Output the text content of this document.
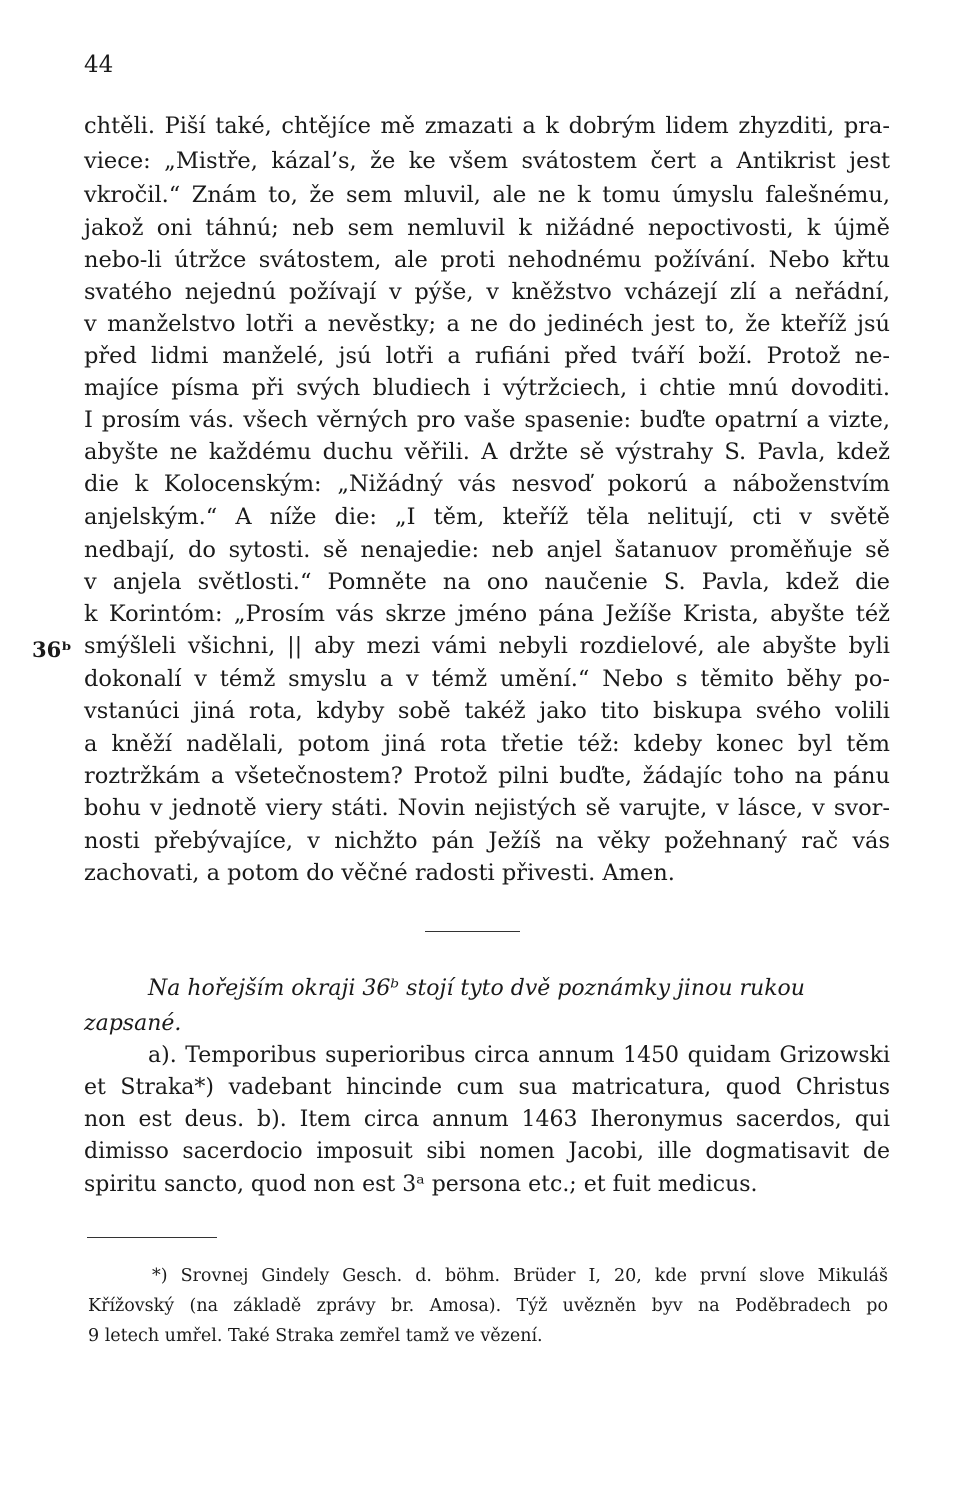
44
chtěli. Piší také, chtějíce mě zmazati a k dobrým lidem zhyzditi, pra-
viece: „Mistře, kázal’s, že ke všem svátostem čert a Antikrist jest
vkročil.“ Znám to, že sem mluvil, ale ne k tomu úmyslu falešnému,
jakož oni táhnú; neb sem nemluvil k nižádné nepoctivosti, k újmě
nebo-li útržce svátostem, ale proti nehodnému požívání. Nebo křtu
svatého nejednú požívají v pýše, v kněžstvo vcházejí zlí a neřádní,
v manželstvo lotři a nevěstky; a ne do jedinéch jest to, že kteříž jsú
před lidmi manželé, jsú lotři a rufiáni před tváří boží. Protož ne-
majíce písma při svých bludiech i výtržciech, i chtie mnú dovoditi.
I prosím vás. všech věrných pro vaše spasenie: buďte opatrní a vizte,
abyšte ne každému duchu věřili. A držte sě výstrahy S. Pavla, kdež
die k Kolocenským: „Nižádný vás nesvoď pokorú a náboženstvím
anjelským.“ A níže die: „I těm, kteříž těla nelitují, cti v světě
nedbají, do sytosti. sě nenajedie: neb anjel šatanuov proměňuje sě
v anjela světlosti.“ Pomněte na ono naučenie S. Pavla, kdež die
k Korintóm: „Prosím vás skrze jméno pána Ježíše Krista, abyšte též
smýšleli všichni, || aby mezi vámi nebyli rozdielové, ale abyšte byli
dokonalí v témž smyslu a v témž umění.“ Nebo s těmito běhy po-
vstanúci jiná rota, kdyby sobě takéž jako tito biskupa svého volili
a kněží nadělali, potom jiná rota třetie též: kdeby konec byl těm
roztržkám a všetečnostem? Protož pilni buďte, žádajíc toho na pánu
bohu v jednotě viery státi. Novin nejistých sě varujte, v lásce, v svor-
nosti přebývajíce, v nichžto pán Ježíš na věky požehnaný rač vás
zachovati, a potom do věčné radosti přivesti. Amen.
36ᵇ
Na hořejším okraji 36ᵇ stojí tyto dvě poznámky jinou rukou
zapsané.
a). Temporibus superioribus circa annum 1450 quidam Grizowski
et Straka*) vadebant hincinde cum sua matricatura, quod Christus
non est deus. b). Item circa annum 1463 Iheronymus sacerdos, qui
dimisso sacerdocio imposuit sibi nomen Jacobi, ille dogmatisavit de
spiritu sancto, quod non est 3ᵃ persona etc.; et fuit medicus.
*) Srovnej Gindely Gesch. d. böhm. Brüder I, 20, kde první slove Mikuláš
Křížovský (na základě zprávy br. Amosa). Týž uvězněn byv na Poděbradech po
9 letech umřel. Také Straka zemřel tamž ve vězení.
